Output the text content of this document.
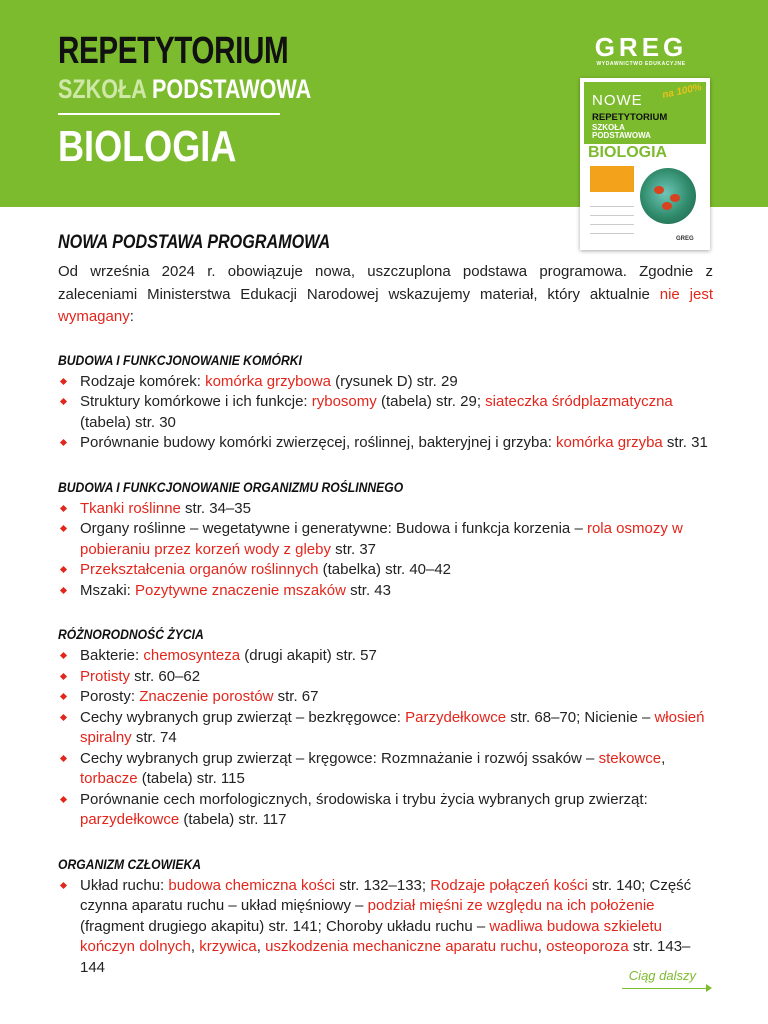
REPETYTORIUM
SZKOŁA PODSTAWOWA
BIOLOGIA
GREG
WYDAWNICTWO EDUKACYJNE
NOWE na 100%
REPETYTORIUM
SZKOŁA
PODSTAWOWA
BIOLOGIA
GREG
NOWA PODSTAWA PROGRAMOWA
Od września 2024 r. obowiązuje nowa, uszczuplona podstawa programowa. Zgodnie z zaleceniami Ministerstwa Edukacji Narodowej wskazujemy materiał, który aktualnie nie jest wymagany:
BUDOWA I FUNKCJONOWANIE KOMÓRKI
Rodzaje komórek: komórka grzybowa (rysunek D) str. 29
Struktury komórkowe i ich funkcje: rybosomy (tabela) str. 29; siateczka śródplazmatyczna (tabela) str. 30
Porównanie budowy komórki zwierzęcej, roślinnej, bakteryjnej i grzyba: komórka grzyba str. 31
BUDOWA I FUNKCJONOWANIE ORGANIZMU ROŚLINNEGO
Tkanki roślinne str. 34–35
Organy roślinne – wegetatywne i generatywne: Budowa i funkcja korzenia – rola osmozy w pobieraniu przez korzeń wody z gleby str. 37
Przekształcenia organów roślinnych (tabelka) str. 40–42
Mszaki: Pozytywne znaczenie mszaków str. 43
RÓŻNORODNOŚĆ ŻYCIA
Bakterie: chemosynteza (drugi akapit) str. 57
Protisty str. 60–62
Porosty: Znaczenie porostów str. 67
Cechy wybranych grup zwierząt – bezkręgowce: Parzydełkowce str. 68–70; Nicienie – włosień spiralny str. 74
Cechy wybranych grup zwierząt – kręgowce: Rozmnażanie i rozwój ssaków – stekowce, torbacze (tabela) str. 115
Porównanie cech morfologicznych, środowiska i trybu życia wybranych grup zwierząt: parzydełkowce (tabela) str. 117
ORGANIZM CZŁOWIEKA
Układ ruchu: budowa chemiczna kości str. 132–133; Rodzaje połączeń kości str. 140; Część czynna aparatu ruchu – układ mięśniowy – podział mięśni ze względu na ich położenie (fragment drugiego akapitu) str. 141; Choroby układu ruchu – wadliwa budowa szkieletu kończyn dolnych, krzywica, uszkodzenia mechaniczne aparatu ruchu, osteoporoza str. 143–144	Ciąg dalszy
